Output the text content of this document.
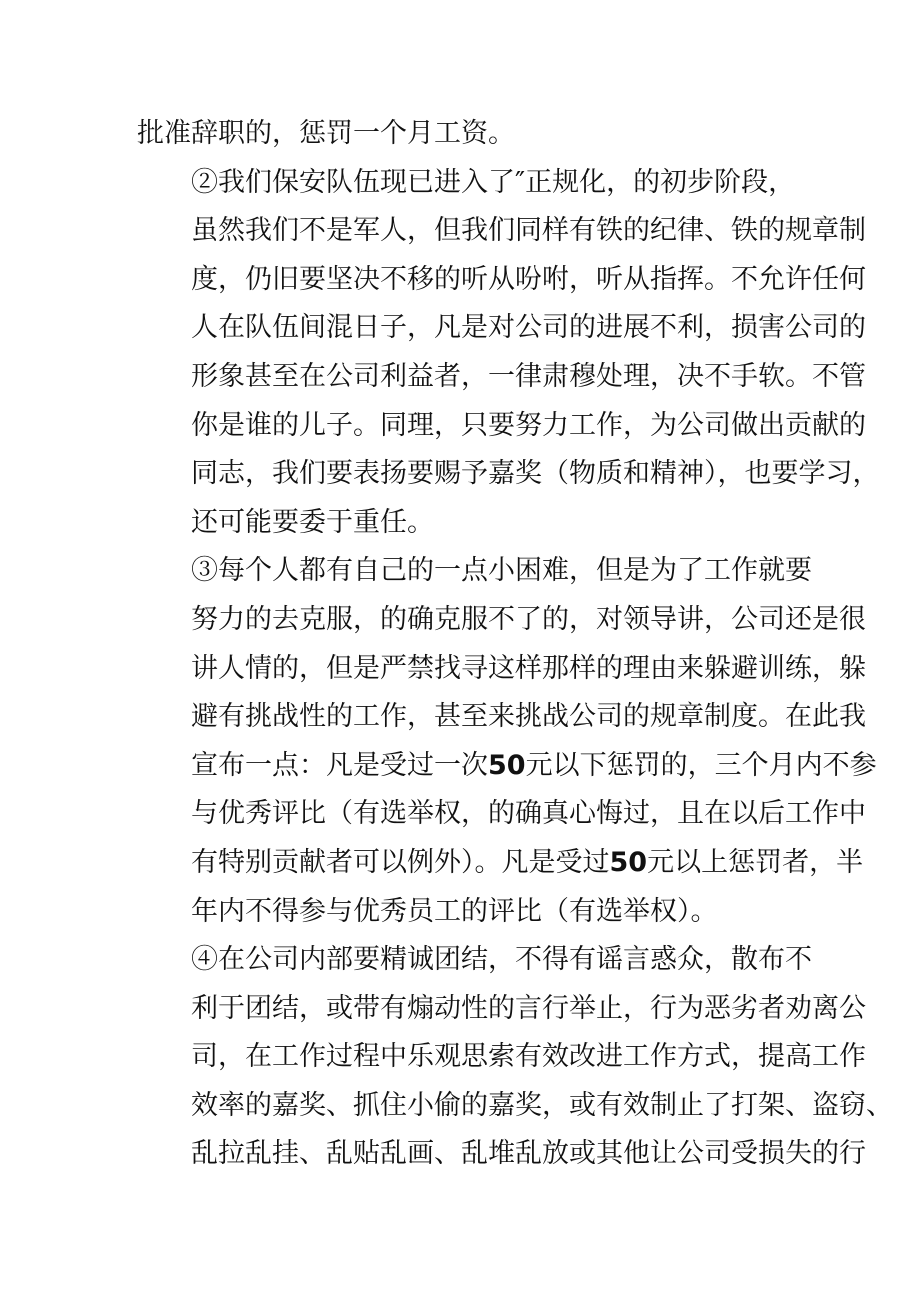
批准辞职的，惩罚一个月工资。

②我们保安队伍现已进入了″正规化，的初步阶段，
虽然我们不是军人，但我们同样有铁的纪律、铁的规章制
度，仍旧要坚决不移的听从吩咐，听从指挥。不允许任何
人在队伍间混日子，凡是对公司的进展不利，损害公司的
形象甚至在公司利益者，一律肃穆处理，决不手软。不管
你是谁的儿子。同理，只要努力工作，为公司做出贡献的
同志，我们要表扬要赐予嘉奖（物质和精神），也要学习，
还可能要委于重任。

③每个人都有自己的一点小困难，但是为了工作就要
努力的去克服，的确克服不了的，对领导讲，公司还是很
讲人情的，但是严禁找寻这样那样的理由来躲避训练，躲
避有挑战性的工作，甚至来挑战公司的规章制度。在此我
宣布一点：凡是受过一次50元以下惩罚的，三个月内不参
与优秀评比（有选举权，的确真心悔过，且在以后工作中
有特别贡献者可以例外）。凡是受过50元以上惩罚者，半
年内不得参与优秀员工的评比（有选举权）。

④在公司内部要精诚团结，不得有谣言惑众，散布不
利于团结，或带有煽动性的言行举止，行为恶劣者劝离公
司，在工作过程中乐观思索有效改进工作方式，提高工作
效率的嘉奖、抓住小偷的嘉奖，或有效制止了打架、盗窃、
乱拉乱挂、乱贴乱画、乱堆乱放或其他让公司受损失的行
